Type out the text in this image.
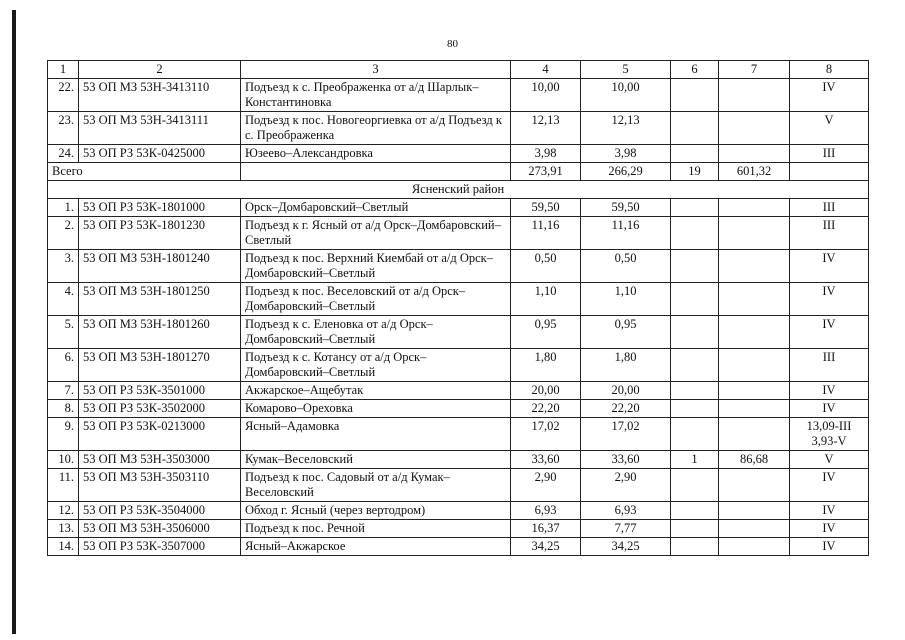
80
1	2	3	4	5	6	7	8
22.	53 ОП МЗ 53Н-3413110	Подъезд к с. Преображенка от а/д Шарлык–Константиновка	10,00	10,00			IV
23.	53 ОП МЗ 53Н-3413111	Подъезд к пос. Новогеоргиевка от а/д Подъезд к с. Преображенка	12,13	12,13			V
24.	53 ОП РЗ 53К-0425000	Юзеево–Александровка	3,98	3,98			III
Всего			273,91	266,29	19	601,32	
Ясненский район							
1.	53 ОП РЗ 53К-1801000	Орск–Домбаровский–Светлый	59,50	59,50			III
2.	53 ОП РЗ 53К-1801230	Подъезд к г. Ясный от а/д Орск–Домбаровский–Светлый	11,16	11,16			III
3.	53 ОП МЗ 53Н-1801240	Подъезд к пос. Верхний Киембай от а/д Орск–Домбаровский–Светлый	0,50	0,50			IV
4.	53 ОП МЗ 53Н-1801250	Подъезд к пос. Веселовский от а/д Орск–Домбаровский–Светлый	1,10	1,10			IV
5.	53 ОП МЗ 53Н-1801260	Подъезд к с. Еленовка от а/д Орск–Домбаровский–Светлый	0,95	0,95			IV
6.	53 ОП МЗ 53Н-1801270	Подъезд к с. Котансу от а/д Орск–Домбаровский–Светлый	1,80	1,80			III
7.	53 ОП РЗ 53К-3501000	Акжарское–Ащебутак	20,00	20,00			IV
8.	53 ОП РЗ 53К-3502000	Комарово–Ореховка	22,20	22,20			IV
9.	53 ОП РЗ 53К-0213000	Ясный–Адамовка	17,02	17,02			13,09-III 3,93-V
10.	53 ОП МЗ 53Н-3503000	Кумак–Веселовский	33,60	33,60	1	86,68	V
11.	53 ОП МЗ 53Н-3503110	Подъезд к пос. Садовый от а/д Кумак–Веселовский	2,90	2,90			IV
12.	53 ОП РЗ 53К-3504000	Обход г. Ясный (через вертодром)	6,93	6,93			IV
13.	53 ОП МЗ 53Н-3506000	Подъезд к пос. Речной	16,37	7,77			IV
14.	53 ОП РЗ 53К-3507000	Ясный–Акжарское	34,25	34,25			IV
